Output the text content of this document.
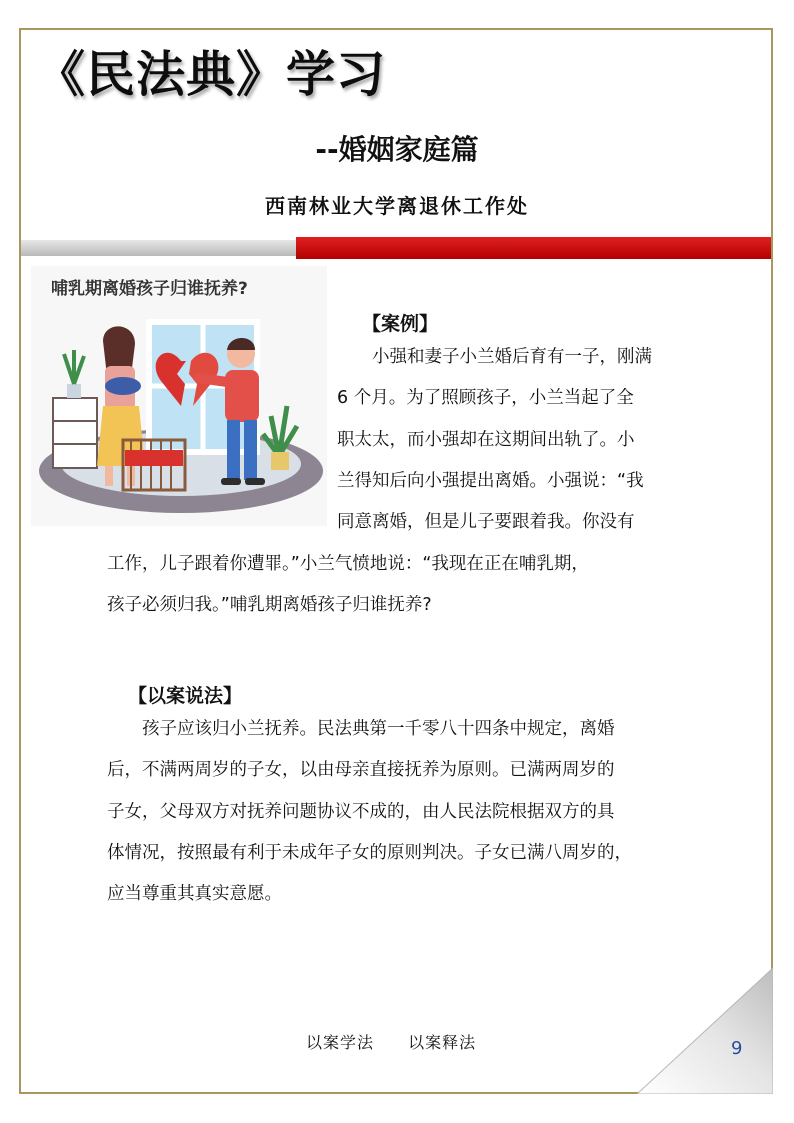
《民法典》学习
--婚姻家庭篇
西南林业大学离退休工作处
哺乳期离婚孩子归谁抚养?
【案例】
　　小强和妻子小兰婚后育有一子，刚满
6 个月。为了照顾孩子，小兰当起了全
职太太，而小强却在这期间出轨了。小
兰得知后向小强提出离婚。小强说：“我
同意离婚，但是儿子要跟着我。你没有
工作，儿子跟着你遭罪。”小兰气愤地说：“我现在正在哺乳期，
孩子必须归我。”哺乳期离婚孩子归谁抚养?
【以案说法】
　　孩子应该归小兰抚养。民法典第一千零八十四条中规定，离婚
后，不满两周岁的子女，以由母亲直接抚养为原则。已满两周岁的
子女，父母双方对抚养问题协议不成的，由人民法院根据双方的具
体情况，按照最有利于未成年子女的原则判决。子女已满八周岁的，
应当尊重其真实意愿。
以案学法 以案释法	9
